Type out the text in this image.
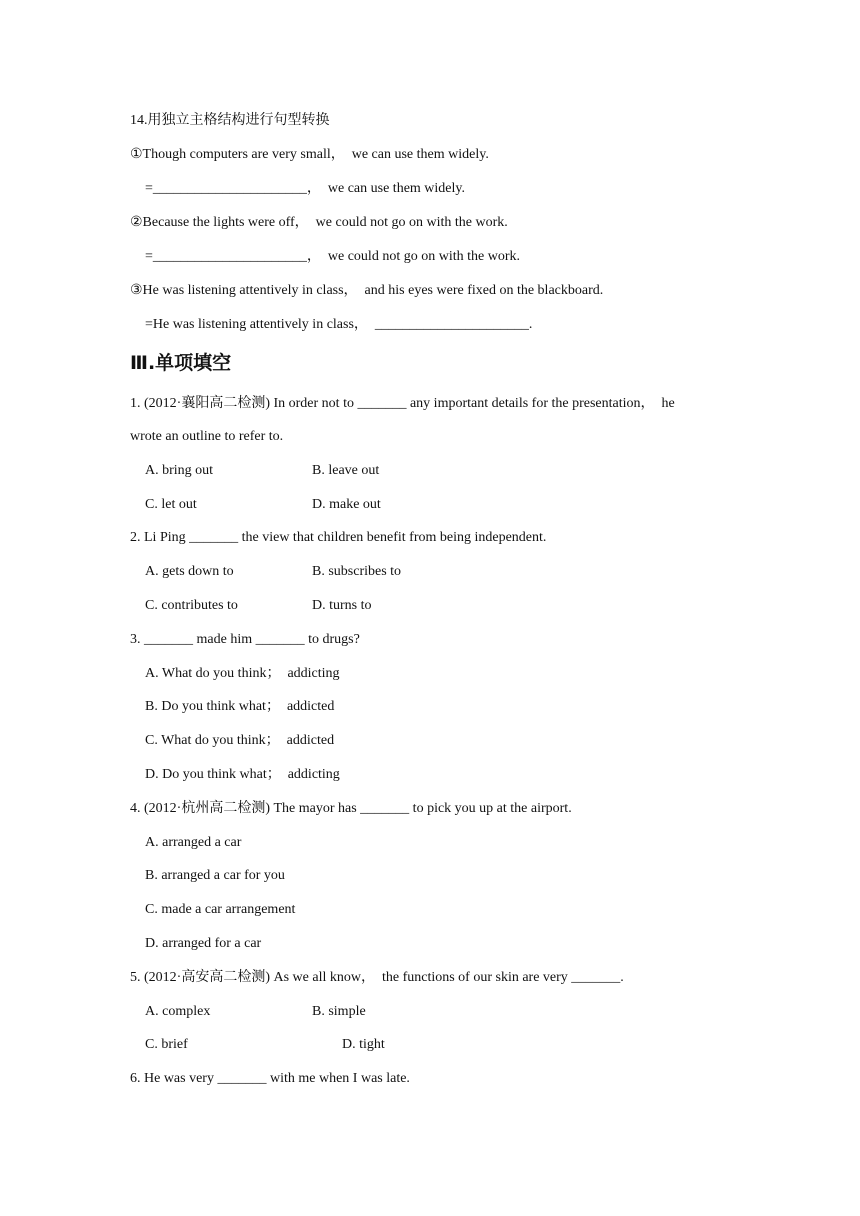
14.用独立主格结构进行句型转换
①Though computers are very small，  we can use them widely.
=______________________，  we can use them widely.
②Because the lights were off，  we could not go on with the work.
=______________________，  we could not go on with the work.
③He was listening attentively in class，  and his eyes were fixed on the blackboard.
=He was listening attentively in class，  ______________________.
Ⅲ.单项填空
1. (2012·襄阳高二检测) In order not to _______ any important details for the presentation，  he
wrote an outline to refer to.
A. bring out	B. leave out
C. let out	D. make out
2. Li Ping _______ the view that children benefit from being independent.
A. gets down to	B. subscribes to
C. contributes to	D. turns to
3. _______ made him _______ to drugs?
A. What do you think；  addicting
B. Do you think what；  addicted
C. What do you think；  addicted
D. Do you think what；  addicting
4. (2012·杭州高二检测) The mayor has _______ to pick you up at the airport.
A. arranged a car
B. arranged a car for you
C. made a car arrangement
D. arranged for a car
5. (2012·高安高二检测) As we all know，  the functions of our skin are very _______.
A. complex	B. simple
C. brief	D. tight
6. He was very _______ with me when I was late.
